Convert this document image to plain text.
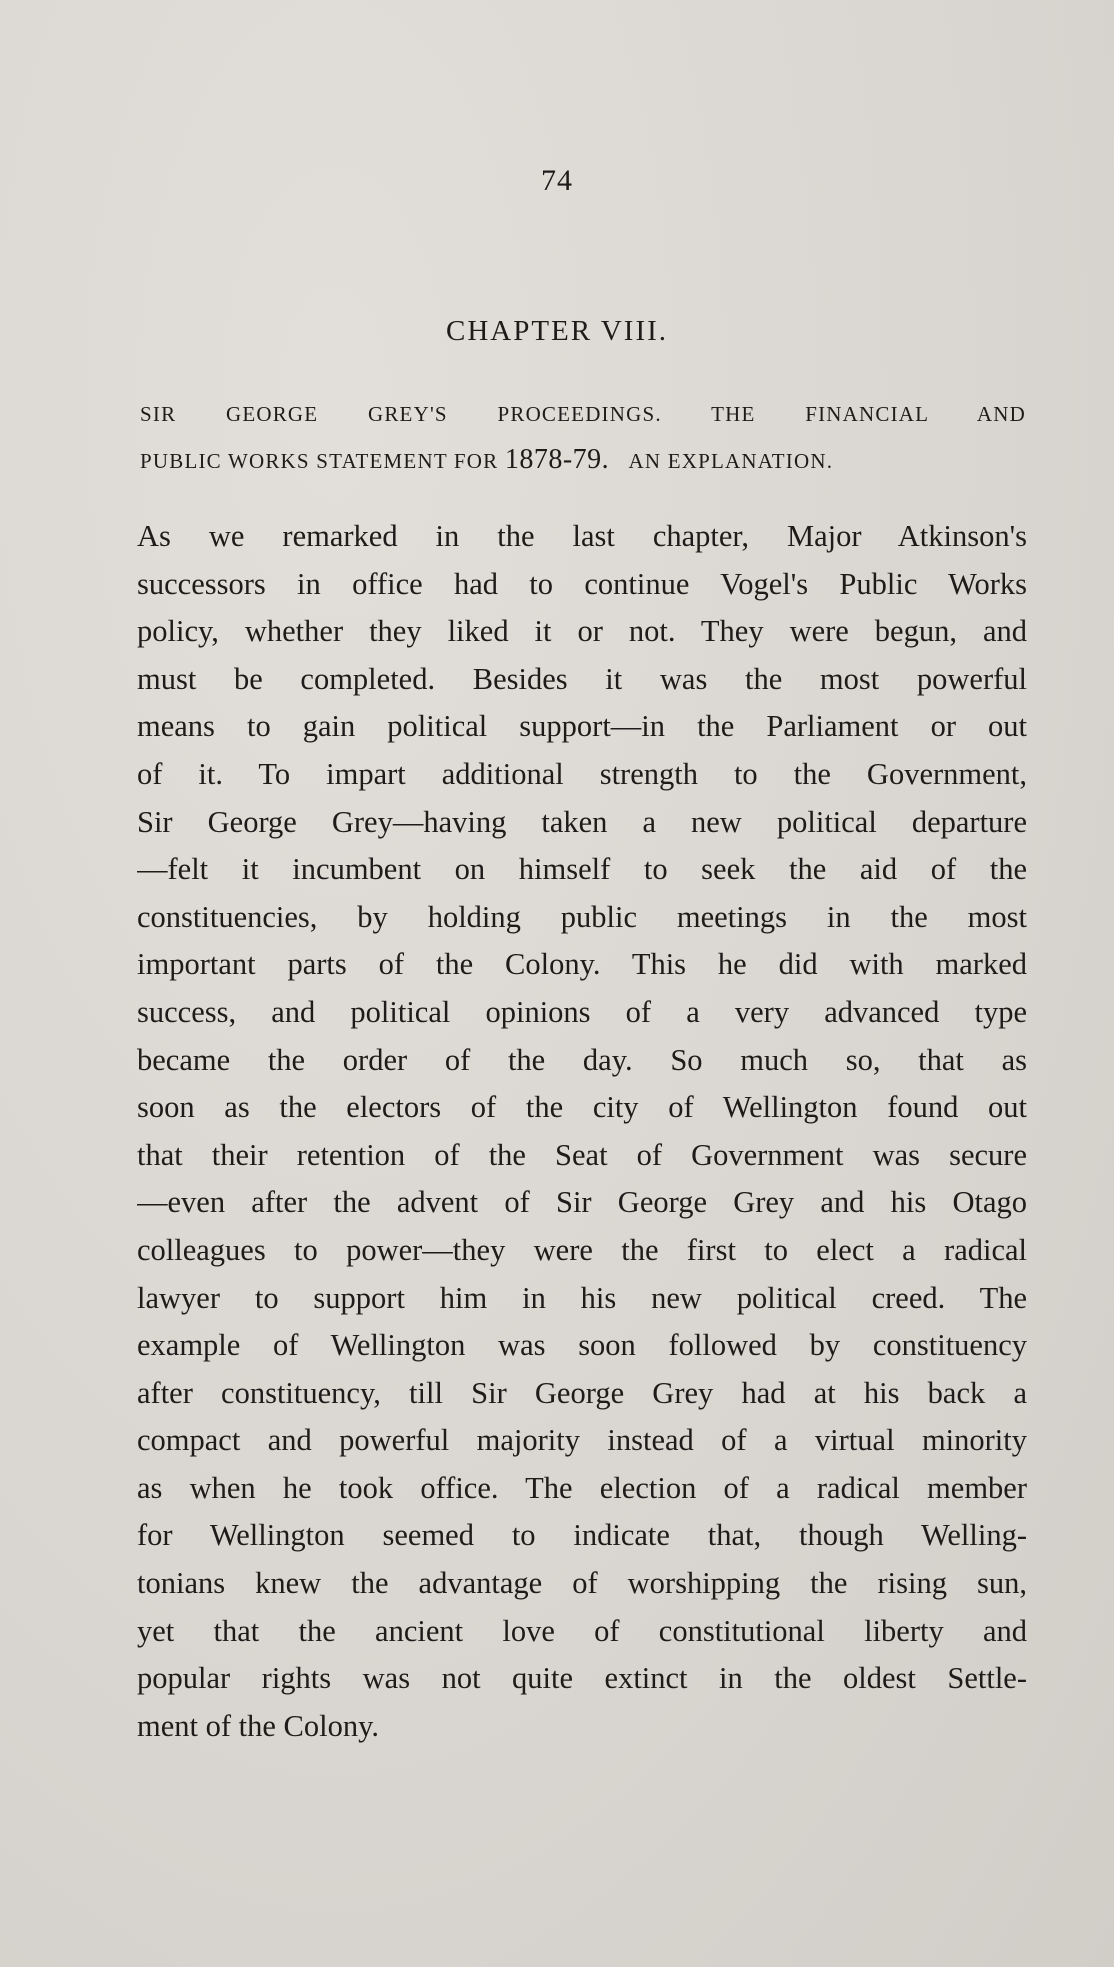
74
CHAPTER VIII.
SIR GEORGE GREY'S PROCEEDINGS. THE FINANCIAL AND
PUBLIC WORKS STATEMENT FOR 1878-79. AN EXPLANATION.
As we remarked in the last chapter, Major Atkinson's
successors in office had to continue Vogel's Public Works
policy, whether they liked it or not. They were begun, and
must be completed. Besides it was the most powerful
means to gain political support—in the Parliament or out
of it. To impart additional strength to the Government,
Sir George Grey—having taken a new political departure
—felt it incumbent on himself to seek the aid of the
constituencies, by holding public meetings in the most
important parts of the Colony. This he did with marked
success, and political opinions of a very advanced type
became the order of the day. So much so, that as
soon as the electors of the city of Wellington found out
that their retention of the Seat of Government was secure
—even after the advent of Sir George Grey and his Otago
colleagues to power—they were the first to elect a radical
lawyer to support him in his new political creed. The
example of Wellington was soon followed by constituency
after constituency, till Sir George Grey had at his back a
compact and powerful majority instead of a virtual minority
as when he took office. The election of a radical member
for Wellington seemed to indicate that, though Welling-
tonians knew the advantage of worshipping the rising sun,
yet that the ancient love of constitutional liberty and
popular rights was not quite extinct in the oldest Settle-
ment of the Colony.
